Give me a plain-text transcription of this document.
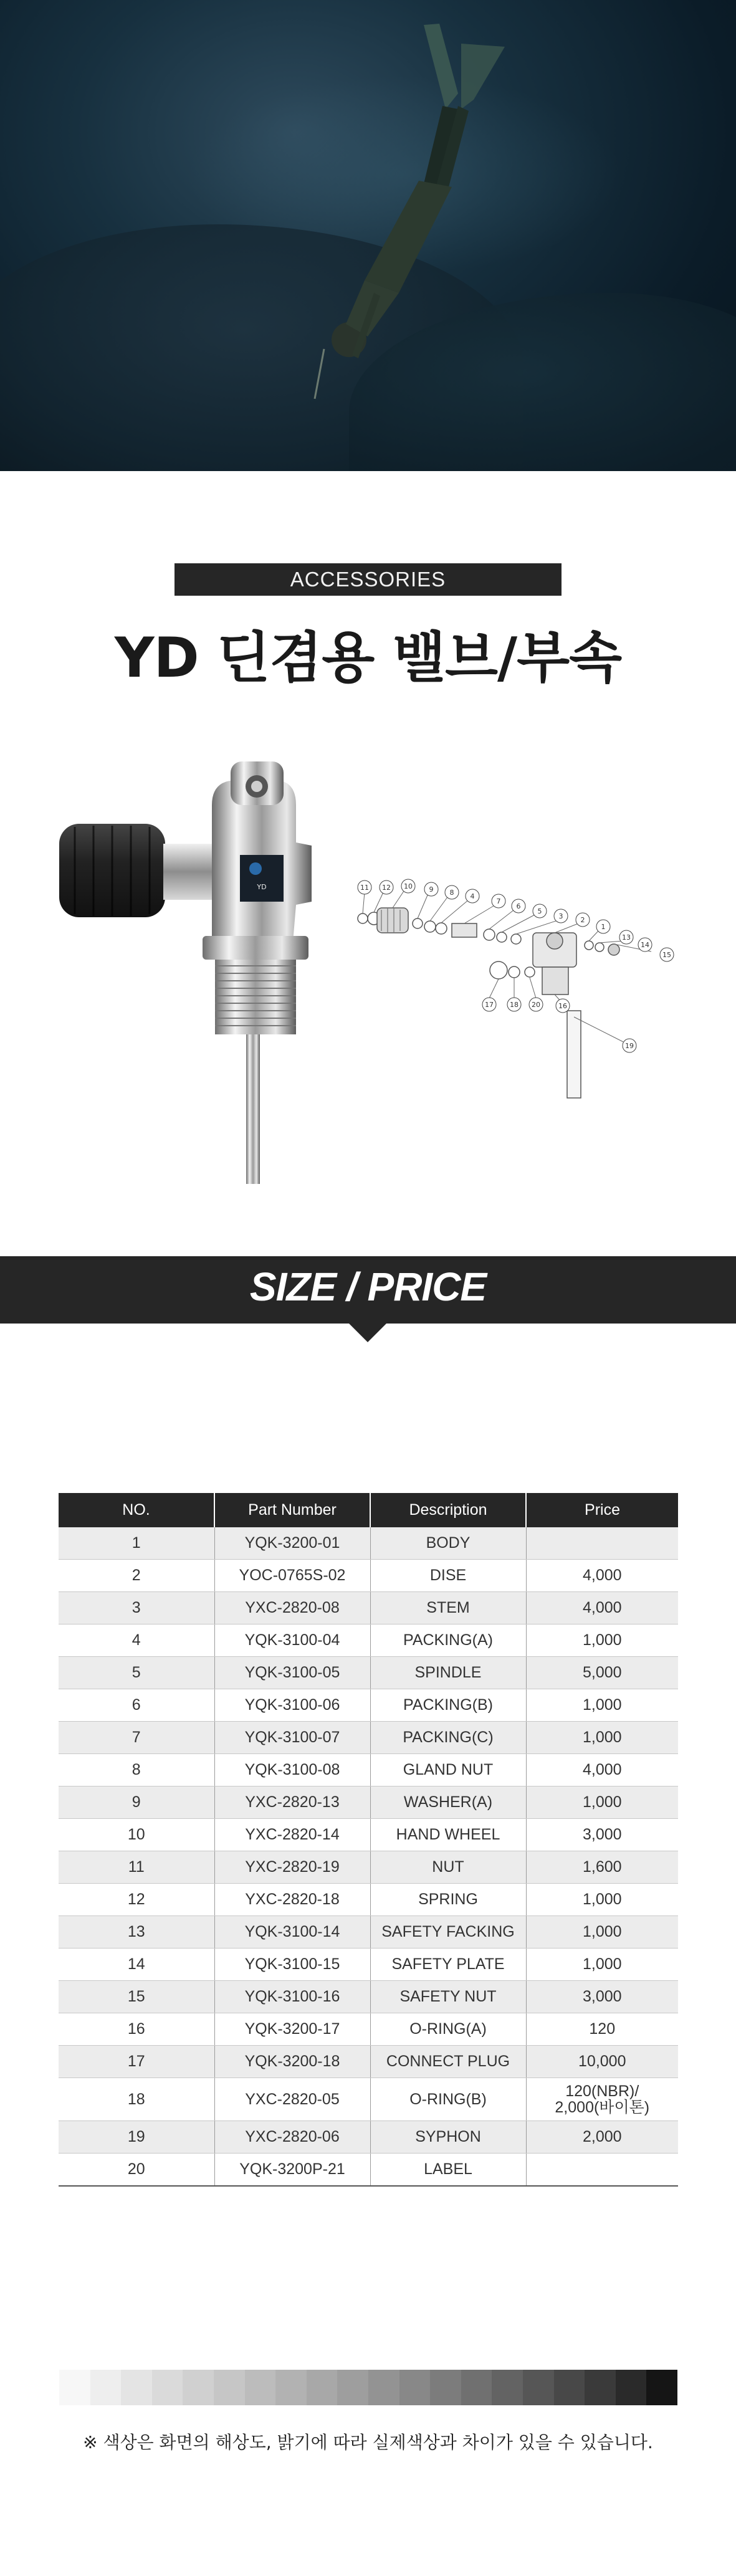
ACCESSORIES
YD 딘겸용 밸브/부속
YD	11 12 10 9 8 4
7
6
5
3	2
1
13
14
15
17 18 20	16
19
SIZE / PRICE
NO.	Part Number	Description	Price
1	YQK-3200-01	BODY	
2	YOC-0765S-02	DISE	4,000
3	YXC-2820-08	STEM	4,000
4	YQK-3100-04	PACKING(A)	1,000
5	YQK-3100-05	SPINDLE	5,000
6	YQK-3100-06	PACKING(B)	1,000
7	YQK-3100-07	PACKING(C)	1,000
8	YQK-3100-08	GLAND NUT	4,000
9	YXC-2820-13	WASHER(A)	1,000
10	YXC-2820-14	HAND WHEEL	3,000
11	YXC-2820-19	NUT	1,600
12	YXC-2820-18	SPRING	1,000
13	YQK-3100-14	SAFETY FACKING	1,000
14	YQK-3100-15	SAFETY PLATE	1,000
15	YQK-3100-16	SAFETY NUT	3,000
16	YQK-3200-17	O-RING(A)	120
17	YQK-3200-18	CONNECT PLUG	10,000
18	YXC-2820-05	O-RING(B)	120(NBR)/
2,000(바이톤)

19	YXC-2820-06	SYPHON	2,000
20	YQK-3200P-21	LABEL	
※ 색상은 화면의 해상도, 밝기에 따라 실제색상과 차이가 있을 수 있습니다.
